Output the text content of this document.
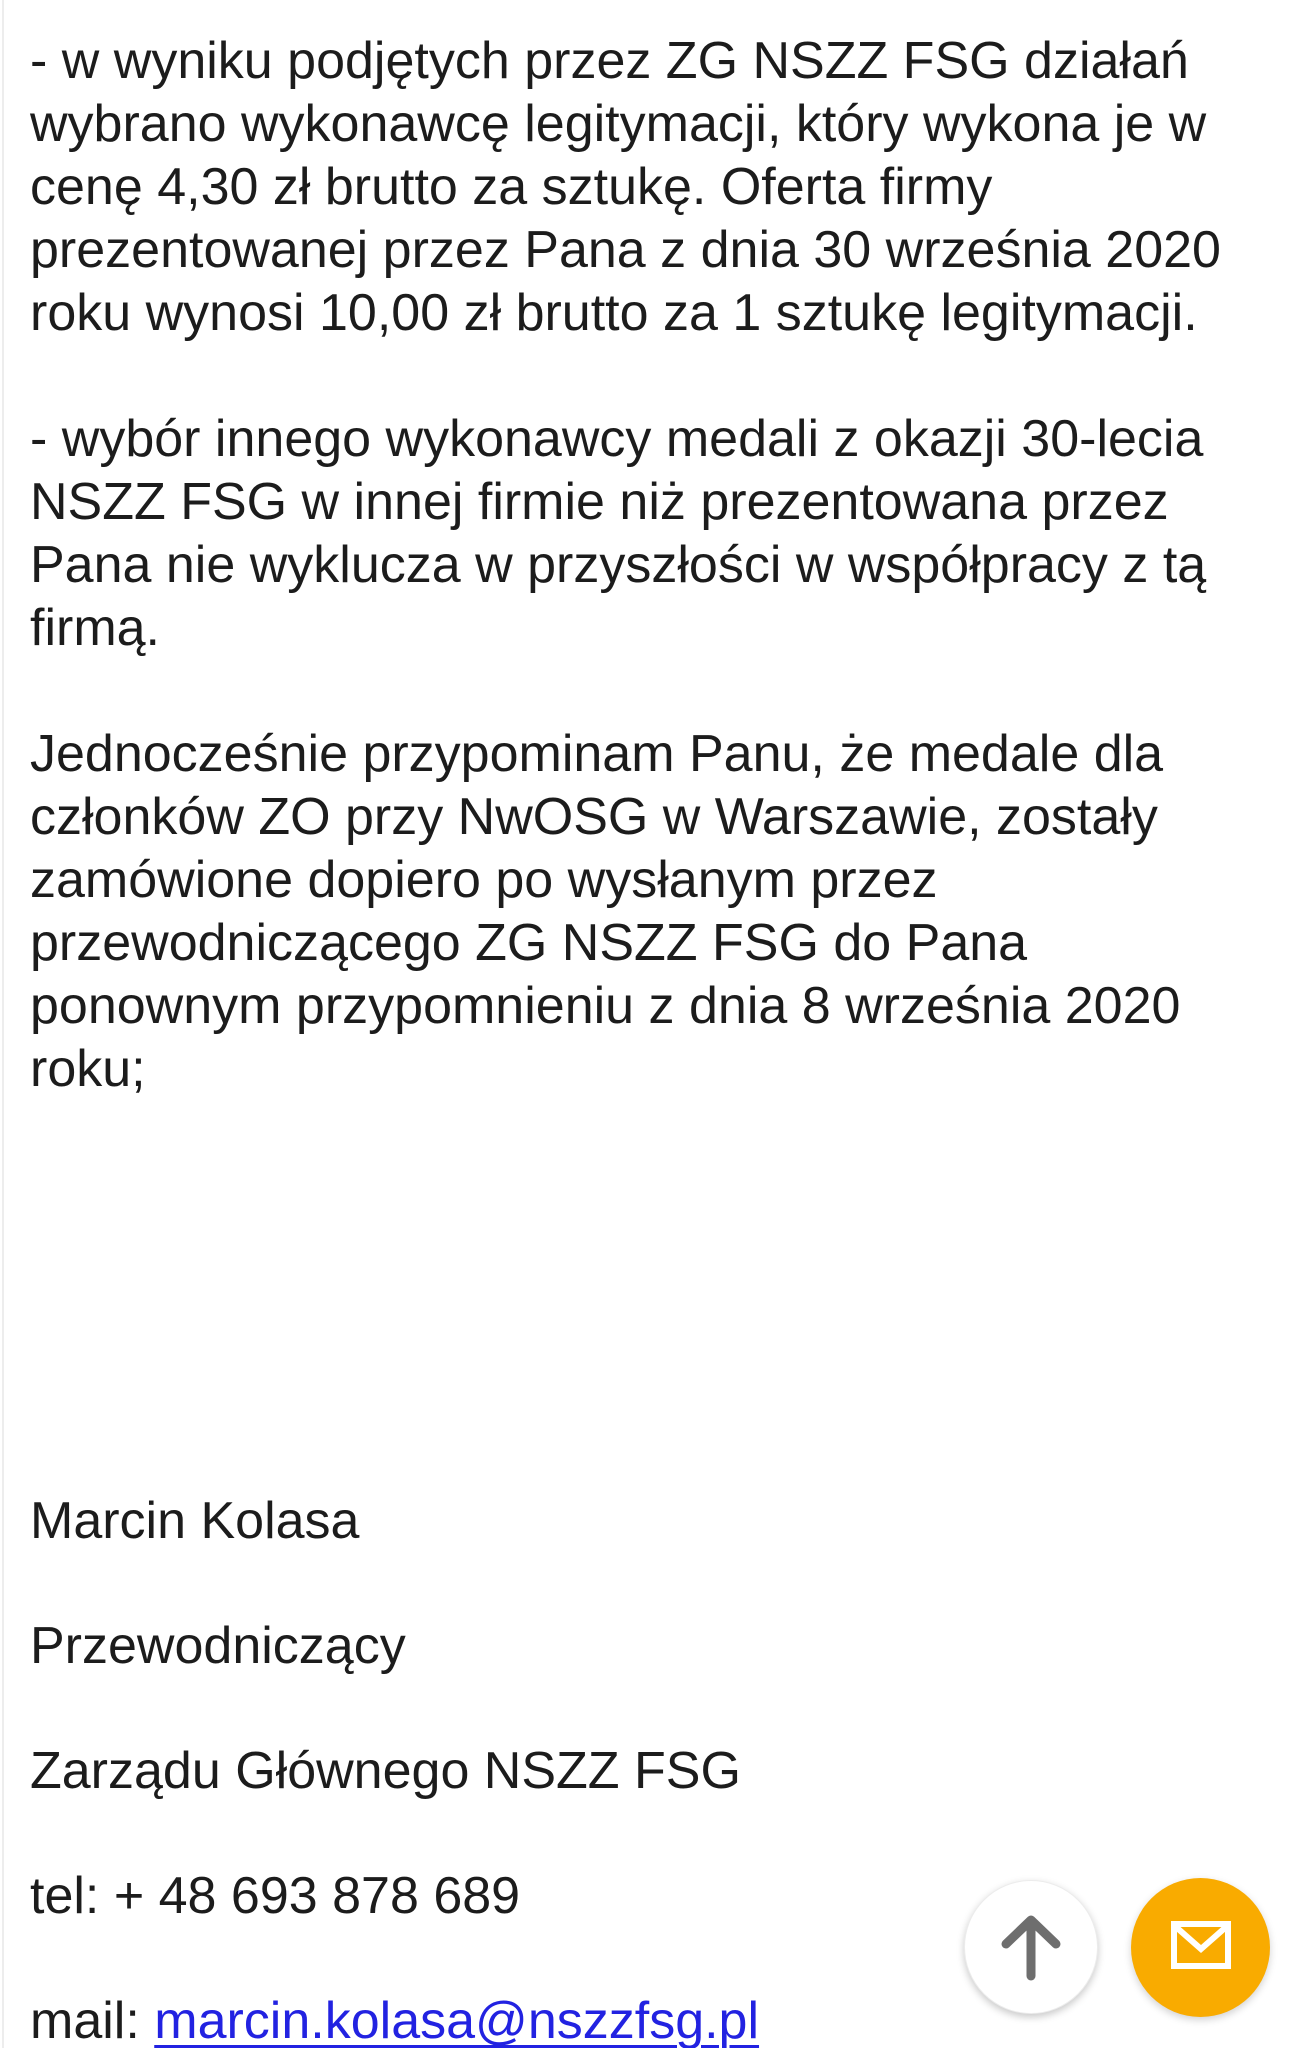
- w wyniku podjętych przez ZG NSZZ FSG działań
wybrano wykonawcę legitymacji, który wykona je w
cenę 4,30 zł brutto za sztukę. Oferta firmy
prezentowanej przez Pana z dnia 30 września 2020
roku wynosi 10,00 zł brutto za 1 sztukę legitymacji.
- wybór innego wykonawcy medali z okazji 30-lecia
NSZZ FSG w innej firmie niż prezentowana przez
Pana nie wyklucza w przyszłości w współpracy z tą
firmą.
Jednocześnie przypominam Panu, że medale dla
członków ZO przy NwOSG w Warszawie, zostały
zamówione dopiero po wysłanym przez
przewodniczącego ZG NSZZ FSG do Pana
ponownym przypomnieniu z dnia 8 września 2020
roku;
Marcin Kolasa
Przewodniczący
Zarządu Głównego NSZZ FSG
tel: + 48 693 878 689
mail: marcin.kolasa@nszzfsg.pl
